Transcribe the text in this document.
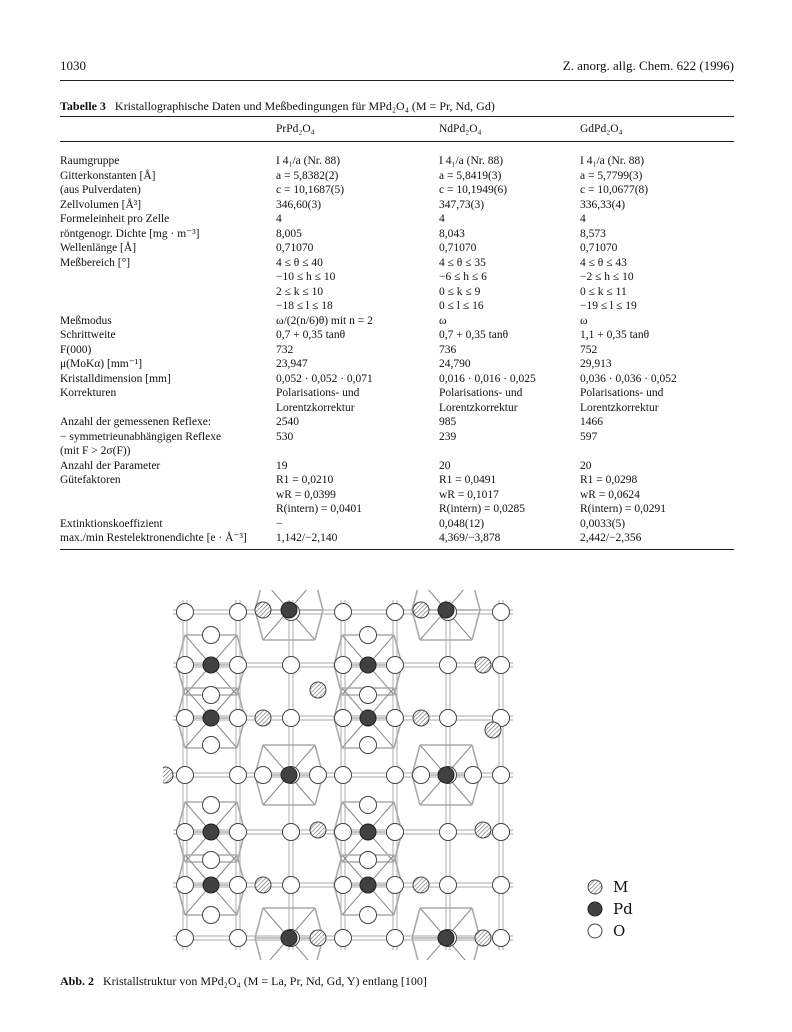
1030	Z. anorg. allg. Chem. 622 (1996)
Tabelle 3 Kristallographische Daten und Meßbedingungen für MPd₂O₄ (M = Pr, Nd, Gd)
	PrPd₂O₄	NdPd₂O₄	GdPd₂O₄

Raumgruppe	I 4₁/a (Nr. 88)	I 4₁/a (Nr. 88)	I 4₁/a (Nr. 88)
Gitterkonstanten [Å]	a = 5,8382(2)	a = 5,8419(3)	a = 5,7799(3)
(aus Pulverdaten)	c = 10,1687(5)	c = 10,1949(6)	c = 10,0677(8)
Zellvolumen [Å³]	346,60(3)	347,73(3)	336,33(4)
Formeleinheit pro Zelle	4	4	4
röntgenogr. Dichte [mg · m⁻³]	8,005	8,043	8,573
Wellenlänge [Å]	0,71070	0,71070	0,71070
Meßbereich [°]	4 ≤ θ ≤ 40	4 ≤ θ ≤ 35	4 ≤ θ ≤ 43
	−10 ≤ h ≤ 10	−6 ≤ h ≤ 6	−2 ≤ h ≤ 10
	2 ≤ k ≤ 10	0 ≤ k ≤ 9	0 ≤ k ≤ 11
	−18 ≤ l ≤ 18	0 ≤ l ≤ 16	−19 ≤ l ≤ 19
Meßmodus	ω/(2(n/6)θ) mit n = 2	ω	ω
Schrittweite	0,7 + 0,35 tanθ	0,7 + 0,35 tanθ	1,1 + 0,35 tanθ
F(000)	732	736	752
μ(MoKα) [mm⁻¹]	23,947	24,790	29,913
Kristalldimension [mm]	0,052 · 0,052 · 0,071	0,016 · 0,016 · 0,025	0,036 · 0,036 · 0,052
Korrekturen	Polarisations- und	Polarisations- und	Polarisations- und
	Lorentzkorrektur	Lorentzkorrektur	Lorentzkorrektur
Anzahl der gemessenen Reflexe:	2540	985	1466
− symmetrieunabhängigen Reflexe	530	239	597
(mit F > 2σ(F))			
Anzahl der Parameter	19	20	20
Gütefaktoren	R1 = 0,0210	R1 = 0,0491	R1 = 0,0298
	wR = 0,0399	wR = 0,1017	wR = 0,0624
	R(intern) = 0,0401	R(intern) = 0,0285	R(intern) = 0,0291
Extinktionskoeffizient	−	0,048(12)	0,0033(5)
max./min Restelektronendichte [e · Å⁻³]	1,142/−2,140	4,369/−3,878	2,442/−2,356
M
Pd
O
Abb. 2 Kristallstruktur von MPd₂O₄ (M = La, Pr, Nd, Gd, Y) entlang [100]
